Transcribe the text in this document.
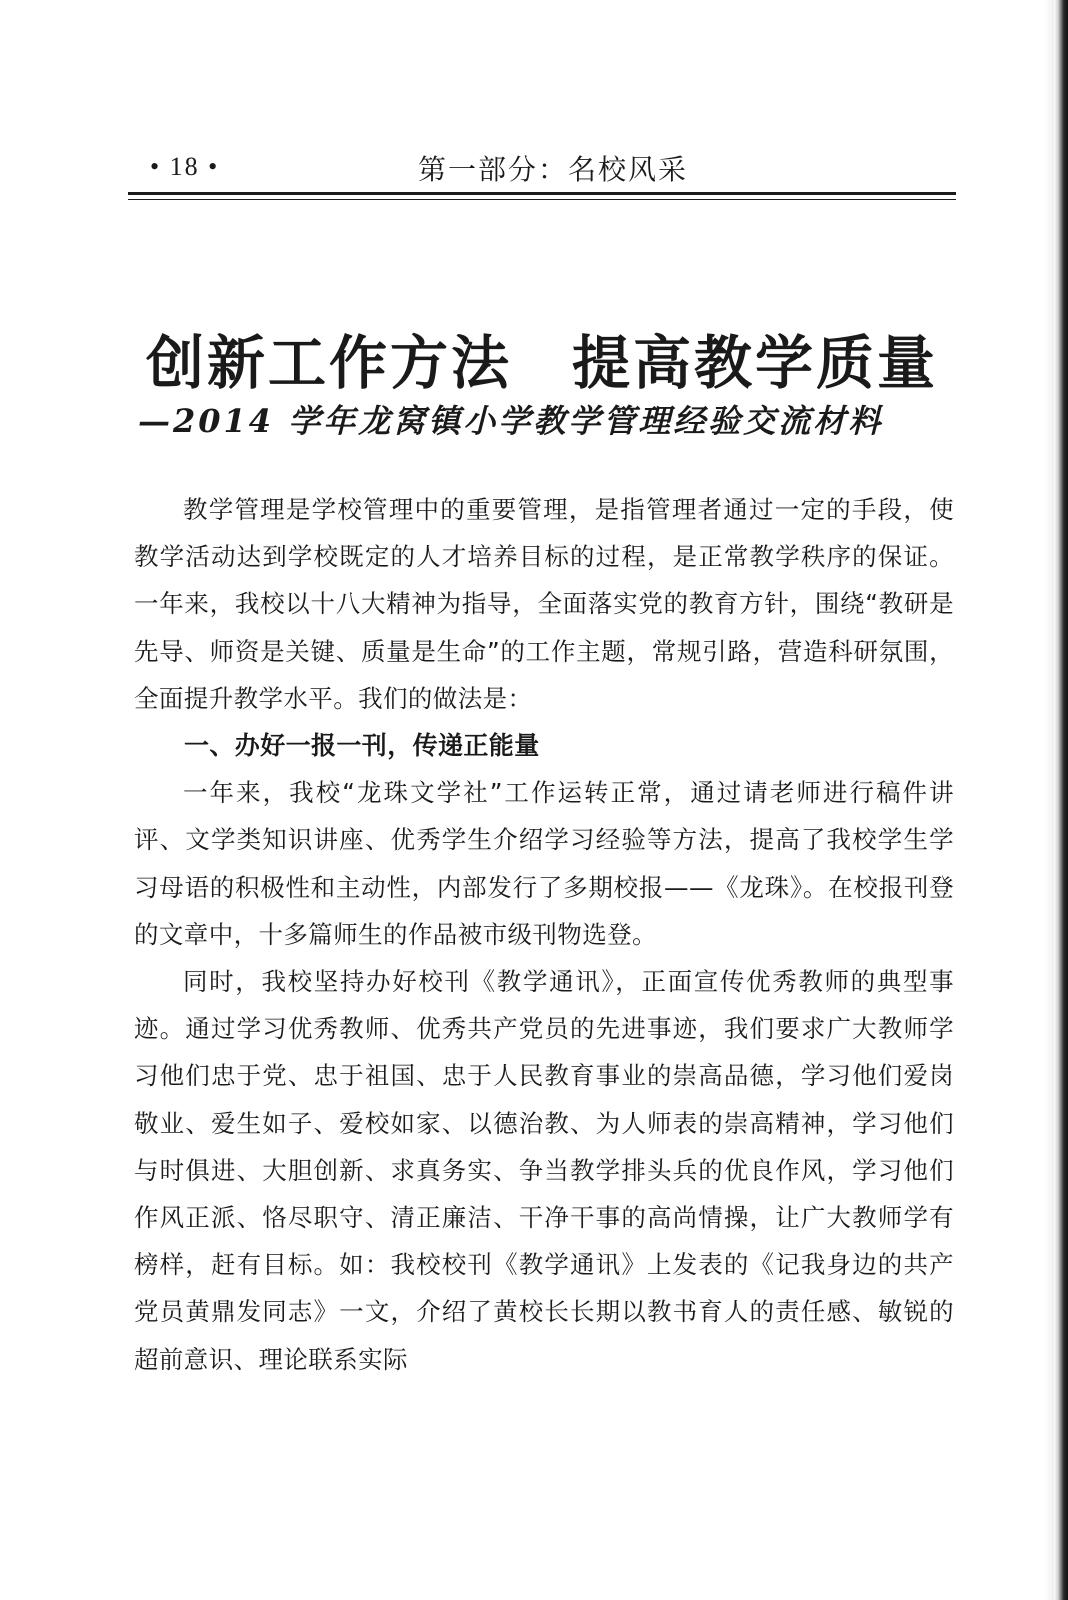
• 18 •	第一部分：名校风采
创新工作方法 提高教学质量
—2014 学年龙窝镇小学教学管理经验交流材料

教学管理是学校管理中的重要管理，是指管理者通过一定的手段，使教学活动达到学校既定的人才培养目标的过程，是正常教学秩序的保证。一年来，我校以十八大精神为指导，全面落实党的教育方针，围绕“教研是先导、师资是关键、质量是生命”的工作主题，常规引路，营造科研氛围，全面提升教学水平。我们的做法是：

一、办好一报一刊，传递正能量

一年来，我校“龙珠文学社”工作运转正常，通过请老师进行稿件讲评、文学类知识讲座、优秀学生介绍学习经验等方法，提高了我校学生学习母语的积极性和主动性，内部发行了多期校报——《龙珠》。在校报刊登的文章中，十多篇师生的作品被市级刊物选登。

同时，我校坚持办好校刊《教学通讯》，正面宣传优秀教师的典型事迹。通过学习优秀教师、优秀共产党员的先进事迹，我们要求广大教师学习他们忠于党、忠于祖国、忠于人民教育事业的崇高品德，学习他们爱岗敬业、爱生如子、爱校如家、以德治教、为人师表的崇高精神，学习他们与时俱进、大胆创新、求真务实、争当教学排头兵的优良作风，学习他们作风正派、恪尽职守、清正廉洁、干净干事的高尚情操，让广大教师学有榜样，赶有目标。如：我校校刊《教学通讯》上发表的《记我身边的共产党员黄鼎发同志》一文，介绍了黄校长长期以教书育人的责任感、敏锐的超前意识、理论联系实际
